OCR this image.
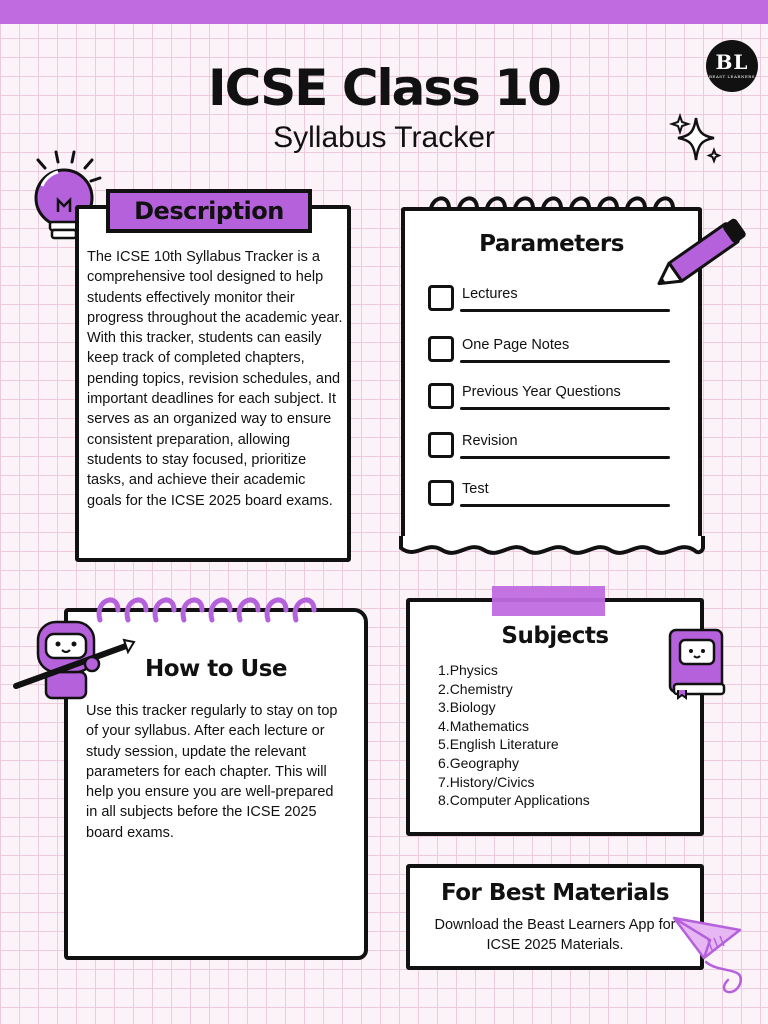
BL
BEAST LEARNERS
ICSE Class 10
Syllabus Tracker
The ICSE 10th Syllabus Tracker is a comprehensive tool designed to help students effectively monitor their progress throughout the academic year. With this tracker, students can easily keep track of completed chapters, pending topics, revision schedules, and important deadlines for each subject. It serves as an organized way to ensure consistent preparation, allowing students to stay focused, prioritize tasks, and achieve their academic goals for the ICSE 2025 board exams.
Description
Parameters
Lectures
One Page Notes
Previous Year Questions
Revision
Test
How to Use
Use this tracker regularly to stay on top of your syllabus. After each lecture or study session, update the relevant parameters for each chapter. This will help you ensure you are well-prepared in all subjects before the ICSE 2025 board exams.
Subjects
1.Physics
2.Chemistry
3.Biology
4.Mathematics
5.English Literature
6.Geography
7.History/Civics
8.Computer Applications
For Best Materials
Download the Beast Learners App for ICSE 2025 Materials.
